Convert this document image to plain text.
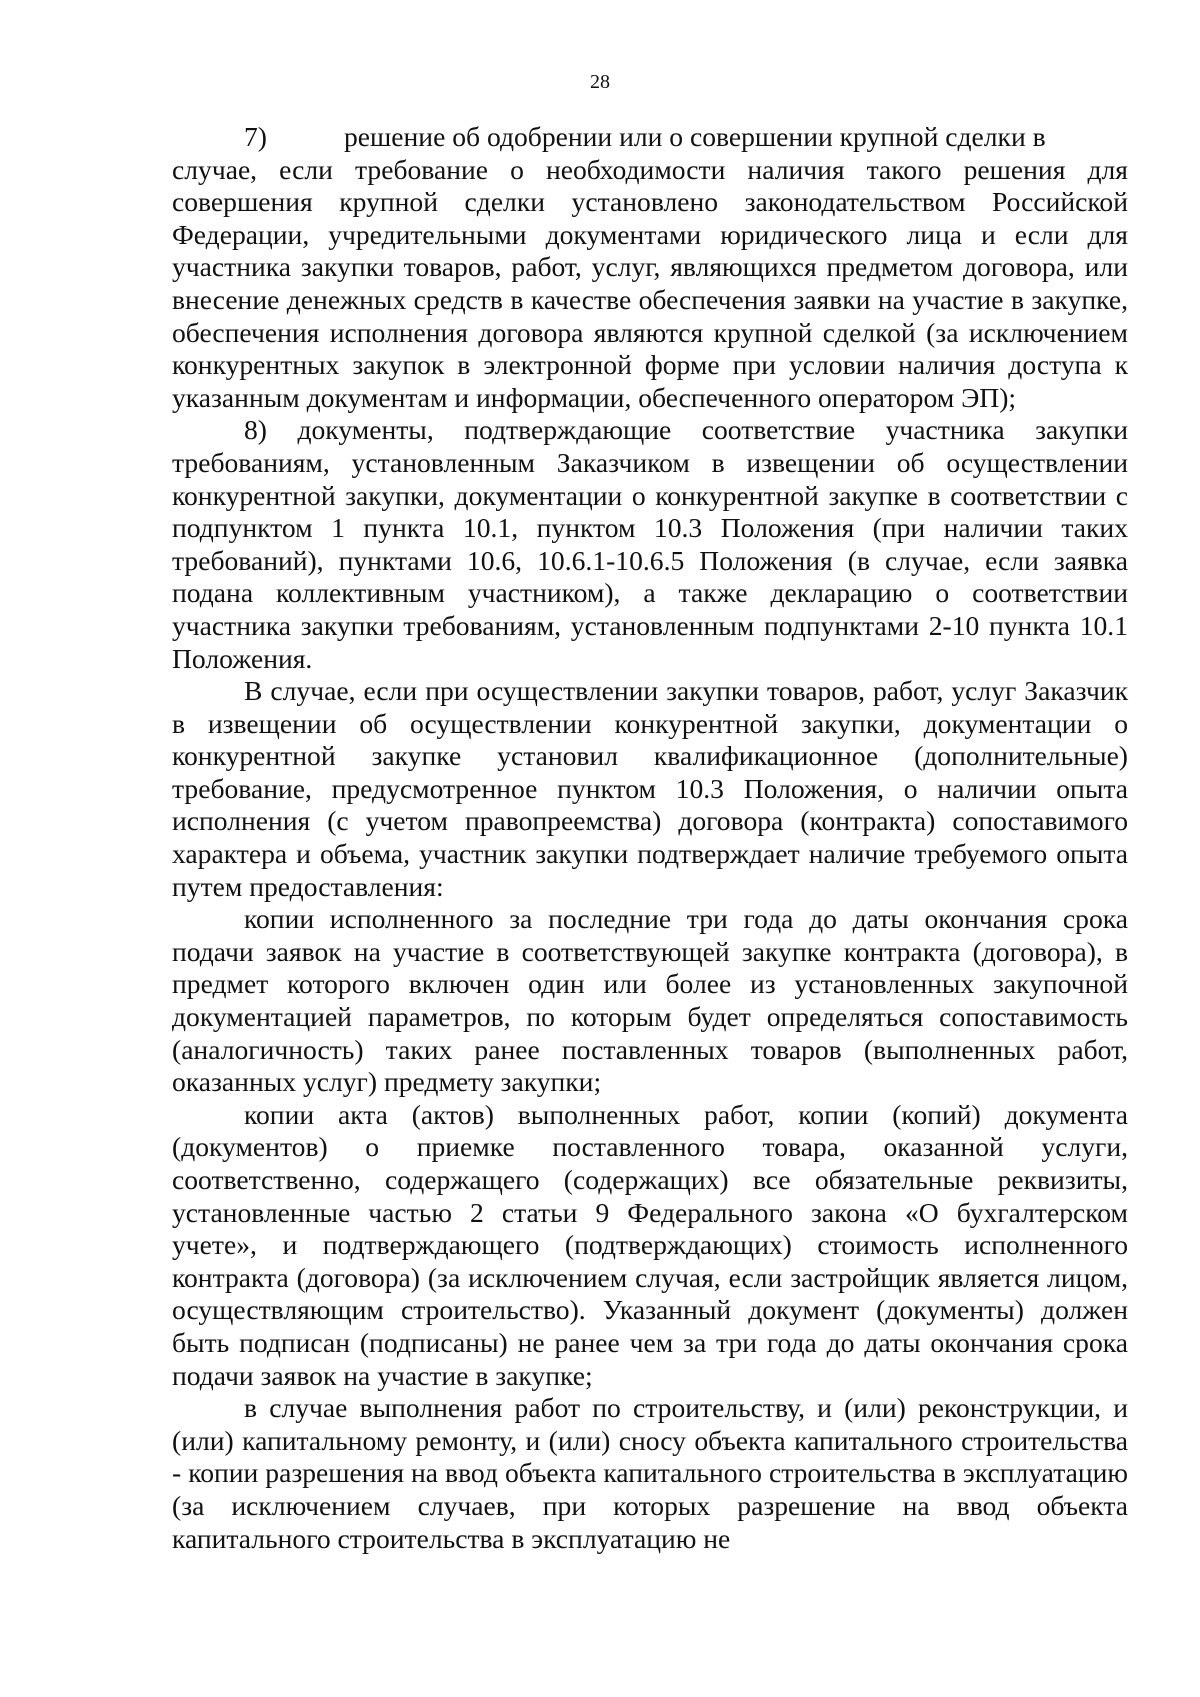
28
7)	решение об одобрении или о совершении крупной сделки в

случае, если требование о необходимости наличия такого решения для совершения крупной сделки установлено законодательством Российской Федерации, учредительными документами юридического лица и если для участника закупки товаров, работ, услуг, являющихся предметом договора, или внесение денежных средств в качестве обеспечения заявки на участие в закупке, обеспечения исполнения договора являются крупной сделкой (за исключением конкурентных закупок в электронной форме при условии наличия доступа к указанным документам и информации, обеспеченного оператором ЭП);

8) документы, подтверждающие соответствие участника закупки требованиям, установленным Заказчиком в извещении об осуществлении конкурентной закупки, документации о конкурентной закупке в соответствии с подпунктом 1 пункта 10.1, пунктом 10.3 Положения (при наличии таких требований), пунктами 10.6, 10.6.1-10.6.5 Положения (в случае, если заявка подана коллективным участником), а также декларацию о соответствии участника закупки требованиям, установленным подпунктами 2-10 пункта 10.1 Положения.

В случае, если при осуществлении закупки товаров, работ, услуг Заказчик в извещении об осуществлении конкурентной закупки, документации о конкурентной закупке установил квалификационное (дополнительные) требование, предусмотренное пунктом 10.3 Положения, о наличии опыта исполнения (с учетом правопреемства) договора (контракта) сопоставимого характера и объема, участник закупки подтверждает наличие требуемого опыта путем предоставления:

копии исполненного за последние три года до даты окончания срока подачи заявок на участие в соответствующей закупке контракта (договора), в предмет которого включен один или более из установленных закупочной документацией параметров, по которым будет определяться сопоставимость (аналогичность) таких ранее поставленных товаров (выполненных работ, оказанных услуг) предмету закупки;

копии акта (актов) выполненных работ, копии (копий) документа (документов) о приемке поставленного товара, оказанной услуги, соответственно, содержащего (содержащих) все обязательные реквизиты, установленные частью 2 статьи 9 Федерального закона «О бухгалтерском учете», и подтверждающего (подтверждающих) стоимость исполненного контракта (договора) (за исключением случая, если застройщик является лицом, осуществляющим строительство). Указанный документ (документы) должен быть подписан (подписаны) не ранее чем за три года до даты окончания срока подачи заявок на участие в закупке;

в случае выполнения работ по строительству, и (или) реконструкции, и (или) капитальному ремонту, и (или) сносу объекта капитального строительства - копии разрешения на ввод объекта капитального строительства в эксплуатацию (за исключением случаев, при которых разрешение на ввод объекта капитального строительства в эксплуатацию не
